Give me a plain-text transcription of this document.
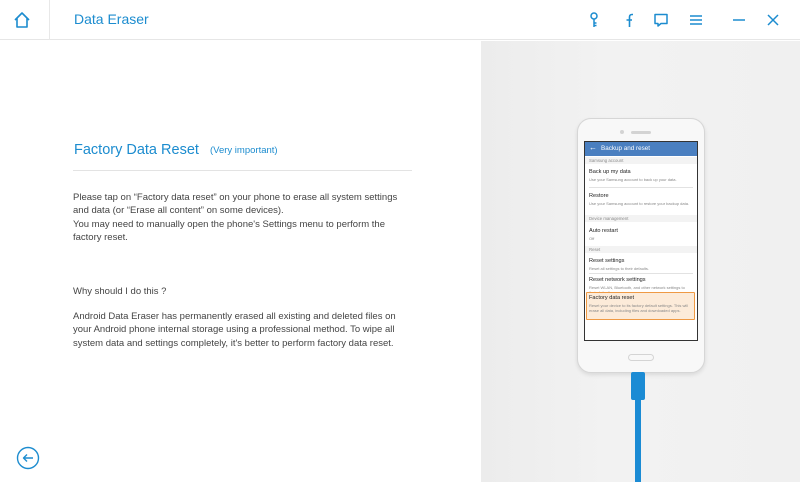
Data Eraser
Factory Data Reset (Very important)
Please tap on “Factory data reset” on your phone to erase all system settings
and data (or “Erase all content” on some devices).
You may need to manually open the phone's Settings menu to perform the
factory reset.
Why should I do this ?
Android Data Eraser has permanently erased all existing and deleted files on
your Android phone internal storage using a professional method. To wipe all
system data and settings completely, it's better to perform factory data reset.
← Backup and reset
Samsung account
Back up my data
Use your Samsung account to back up your data.
Restore
Use your Samsung account to restore your backup data.
Device management
Auto restart
Off
Reset
Reset settings
Reset all settings to their defaults.
Reset network settings
Reset WLAN, Bluetooth, and other network settings to
Factory data reset
Reset your device to its factory default settings. This will erase all data, including files and downloaded apps.
